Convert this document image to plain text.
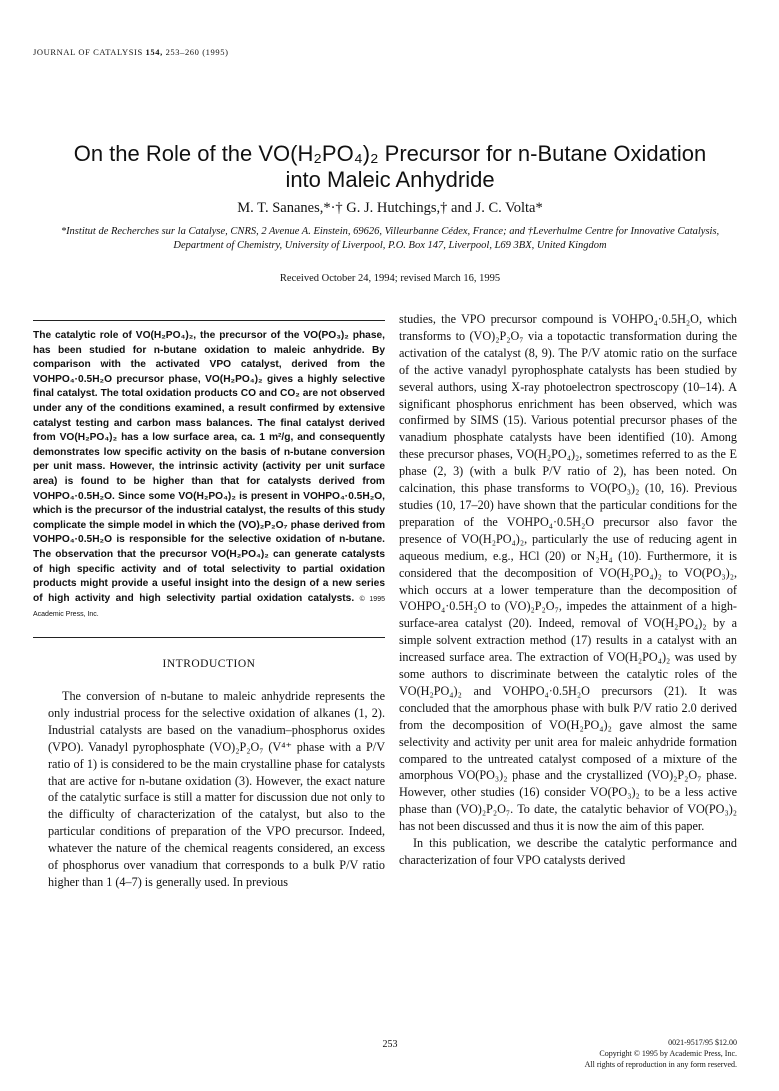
JOURNAL OF CATALYSIS 154, 253–260 (1995)
On the Role of the VO(H₂PO₄)₂ Precursor for n-Butane Oxidation
into Maleic Anhydride
M. T. Sananes,*·† G. J. Hutchings,† and J. C. Volta*
*Institut de Recherches sur la Catalyse, CNRS, 2 Avenue A. Einstein, 69626, Villeurbanne Cédex, France; and †Leverhulme Centre for Innovative Catalysis, Department of Chemistry, University of Liverpool, P.O. Box 147, Liverpool, L69 3BX, United Kingdom
Received October 24, 1994; revised March 16, 1995
The catalytic role of VO(H₂PO₄)₂, the precursor of the VO(PO₃)₂ phase, has been studied for n-butane oxidation to maleic anhydride. By comparison with the activated VPO catalyst, derived from the VOHPO₄·0.5H₂O precursor phase, VO(H₂PO₄)₂ gives a highly selective final catalyst. The total oxidation products CO and CO₂ are not observed under any of the conditions examined, a result confirmed by extensive catalyst testing and carbon mass balances. The final catalyst derived from VO(H₂PO₄)₂ has a low surface area, ca. 1 m²/g, and consequently demonstrates low specific activity on the basis of n-butane conversion per unit mass. However, the intrinsic activity (activity per unit surface area) is found to be higher than that for catalysts derived from VOHPO₄·0.5H₂O. Since some VO(H₂PO₄)₂ is present in VOHPO₄·0.5H₂O, which is the precursor of the industrial catalyst, the results of this study complicate the simple model in which the (VO)₂P₂O₇ phase derived from VOHPO₄·0.5H₂O is responsible for the selective oxidation of n-butane. The observation that the precursor VO(H₂PO₄)₂ can generate catalysts of high specific activity and of total selectivity to partial oxidation products might provide a useful insight into the design of a new series of high activity and high selectivity partial oxidation catalysts. © 1995 Academic Press, Inc.
INTRODUCTION

The conversion of n-butane to maleic anhydride represents the only industrial process for the selective oxidation of alkanes (1, 2). Industrial catalysts are based on the vanadium–phosphorus oxides (VPO). Vanadyl pyrophosphate (VO)₂P₂O₇ (V⁴⁺ phase with a P/V ratio of 1) is considered to be the main crystalline phase for catalysts that are active for n-butane oxidation (3). However, the exact nature of the catalytic surface is still a matter for discussion due not only to the difficulty of characterization of the catalyst, but also to the particular conditions of preparation of the VPO precursor. Indeed, whatever the nature of the chemical reagents considered, an excess of phosphorus over vanadium that corresponds to a bulk P/V ratio higher than 1 (4–7) is generally used. In previous

studies, the VPO precursor compound is VOHPO₄·0.5H₂O, which transforms to (VO)₂P₂O₇ via a topotactic transformation during the activation of the catalyst (8, 9). The P/V atomic ratio on the surface of the active vanadyl pyrophosphate catalysts has been studied by several authors, using X-ray photoelectron spectroscopy (10–14). A significant phosphorus enrichment has been observed, which was confirmed by SIMS (15). Various potential precursor phases of the vanadium phosphate catalysts have been identified (10). Among these precursor phases, VO(H₂PO₄)₂, sometimes referred to as the E phase (2, 3) (with a bulk P/V ratio of 2), has been noted. On calcination, this phase transforms to VO(PO₃)₂ (10, 16). Previous studies (10, 17–20) have shown that the particular conditions for the preparation of the VOHPO₄·0.5H₂O precursor also favor the presence of VO(H₂PO₄)₂, particularly the use of reducing agent in aqueous medium, e.g., HCl (20) or N₂H₄ (10). Furthermore, it is considered that the decomposition of VO(H₂PO₄)₂ to VO(PO₃)₂, which occurs at a lower temperature than the decomposition of VOHPO₄·0.5H₂O to (VO)₂P₂O₇, impedes the attainment of a high-surface-area catalyst (20). Indeed, removal of VO(H₂PO₄)₂ by a simple solvent extraction method (17) results in a catalyst with an increased surface area. The extraction of VO(H₂PO₄)₂ was used by some authors to discriminate between the catalytic roles of the VO(H₂PO₄)₂ and VOHPO₄·0.5H₂O precursors (21). It was concluded that the amorphous phase with bulk P/V ratio 2.0 derived from the decomposition of VO(H₂PO₄)₂ gave almost the same selectivity and activity per unit area for maleic anhydride formation compared to the untreated catalyst composed of a mixture of the amorphous VO(PO₃)₂ phase and the crystallized (VO)₂P₂O₇ phase. However, other studies (16) consider VO(PO₃)₂ to be a less active phase than (VO)₂P₂O₇. To date, the catalytic behavior of VO(PO₃)₂ has not been discussed and thus it is now the aim of this paper.

In this publication, we describe the catalytic performance and characterization of four VPO catalysts derived

253	0021-9517/95 $12.00
Copyright © 1995 by Academic Press, Inc.
All rights of reproduction in any form reserved.
